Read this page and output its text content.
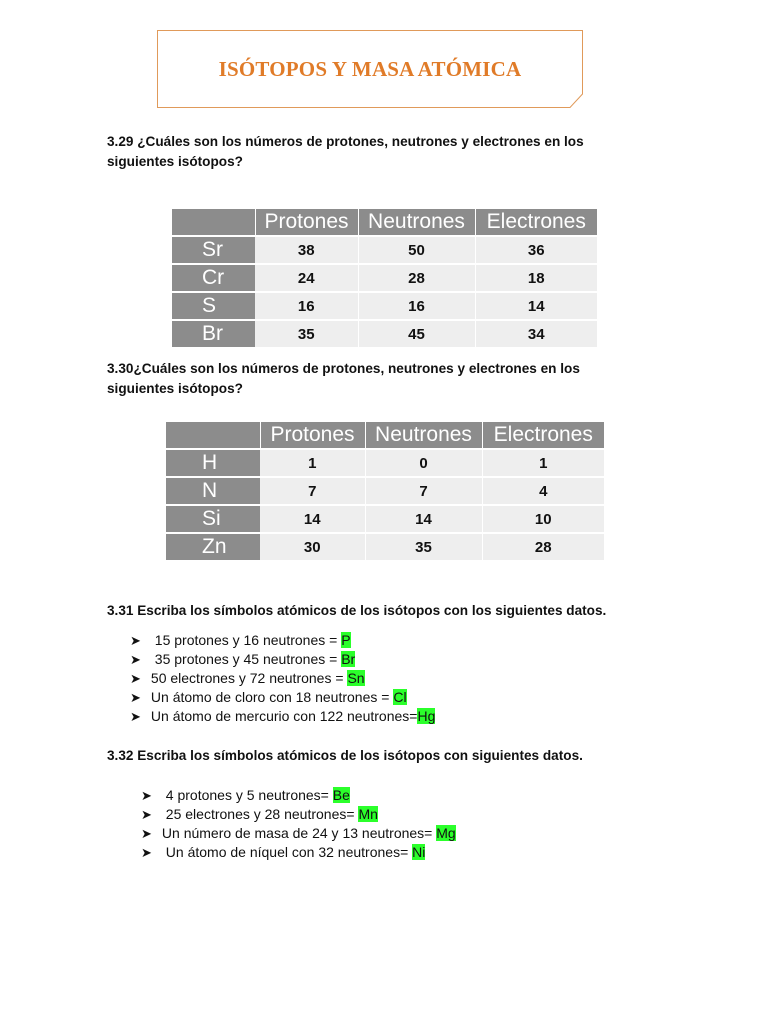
ISÓTOPOS Y MASA ATÓMICA

3.29 ¿Cuáles son los números de protones, neutrones y electrones en los

siguientes isótopos?

	Protones	Neutrones	Electrones
Sr	38	50	36
Cr	24	28	18
S	16	16	14
Br	35	45	34

3.30¿Cuáles son los números de protones, neutrones y electrones en los

siguientes isótopos?

	Protones	Neutrones	Electrones
H	1	0	1
N	7	7	4
Si	14	14	10
Zn	30	35	28

3.31 Escriba los símbolos atómicos de los isótopos con los siguientes datos.

➤ 15 protones y 16 neutrones = P
➤ 35 protones y 45 neutrones = Br
➤ 50 electrones y 72 neutrones = Sn
➤ Un átomo de cloro con 18 neutrones = Cl
➤ Un átomo de mercurio con 122 neutrones=Hg

3.32 Escriba los símbolos atómicos de los isótopos con siguientes datos.

➤ 4 protones y 5 neutrones= Be
➤ 25 electrones y 28 neutrones= Mn
➤ Un número de masa de 24 y 13 neutrones= Mg
➤ Un átomo de níquel con 32 neutrones= Ni
